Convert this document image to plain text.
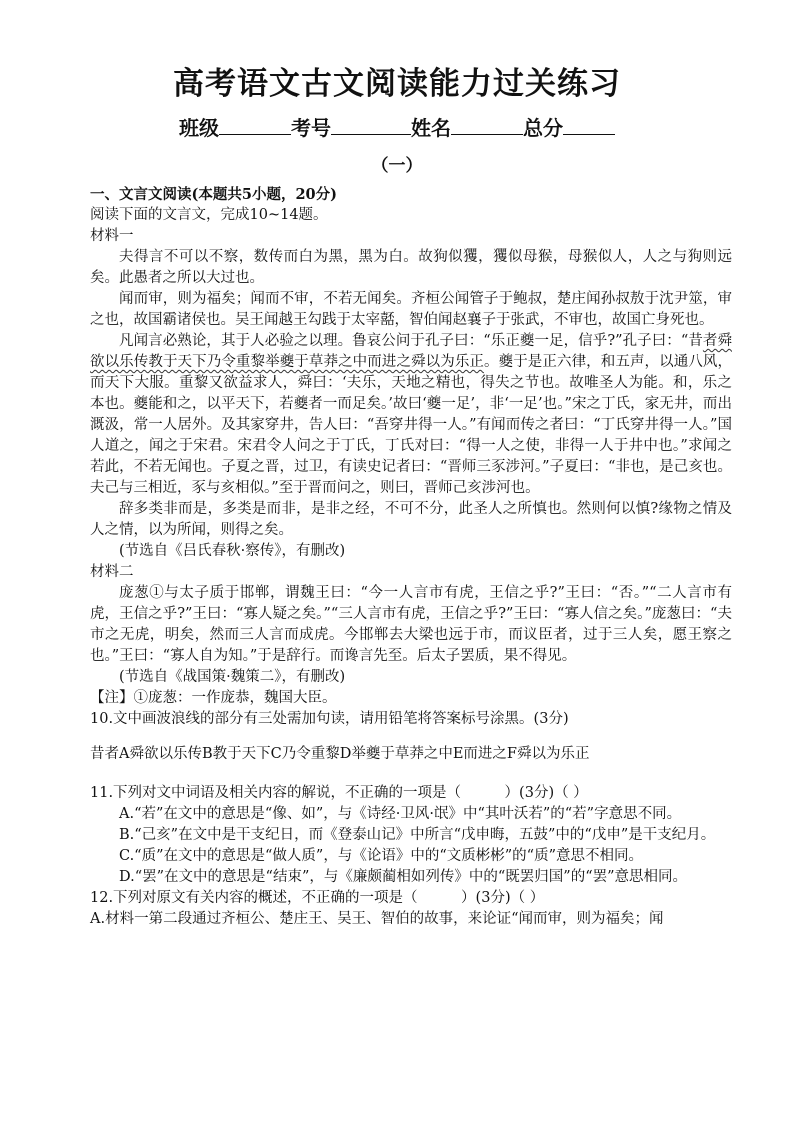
高考语文古文阅读能力过关练习
班级	考号	姓名	总分
（一）

一、文言文阅读(本题共5小题，20分)

阅读下面的文言文，完成10~14题。

材料一

夫得言不可以不察，数传而白为黑，黑为白。故狗似玃，玃似母猴，母猴似人，人之与狗则远矣。此愚者之所以大过也。

闻而审，则为福矣；闻而不审，不若无闻矣。齐桓公闻管子于鲍叔，楚庄闻孙叔敖于沈尹筮，审之也，故国霸诸侯也。吴王闻越王勾践于太宰嚭，智伯闻赵襄子于张武，不审也，故国亡身死也。

凡闻言必熟论，其于人必验之以理。鲁哀公问于孔子曰：“乐正夔一足，信乎?”孔子曰：“昔者舜欲以乐传教于天下乃令重黎举夔于草莽之中而进之舜以为乐正。夔于是正六律，和五声，以通八风，而天下大服。重黎又欲益求人，舜曰：‘夫乐，天地之精也，得失之节也。故唯圣人为能。和，乐之本也。夔能和之，以平天下，若夔者一而足矣。’故曰‘夔一足’，非‘一足’也。”宋之丁氏，家无井，而出溉汲，常一人居外。及其家穿井，告人曰：“吾穿井得一人。”有闻而传之者曰：“丁氏穿井得一人。”国人道之，闻之于宋君。宋君令人问之于丁氏，丁氏对曰：“得一人之使，非得一人于井中也。”求闻之若此，不若无闻也。子夏之晋，过卫，有读史记者曰：“晋师三豕涉河。”子夏曰：“非也，是己亥也。夫己与三相近，豕与亥相似。”至于晋而问之，则曰，晋师己亥涉河也。

辞多类非而是，多类是而非，是非之经，不可不分，此圣人之所慎也。然则何以慎?缘物之情及人之情，以为所闻，则得之矣。

(节选自《吕氏春秋·察传》，有删改)

材料二

庞葱①与太子质于邯郸，谓魏王曰：“今一人言市有虎，王信之乎?”王曰：“否。”“二人言市有虎，王信之乎?”王曰：“寡人疑之矣。”“三人言市有虎，王信之乎?”王曰：“寡人信之矣。”庞葱曰：“夫市之无虎，明矣，然而三人言而成虎。今邯郸去大梁也远于市，而议臣者，过于三人矣，愿王察之也。”王曰：“寡人自为知。”于是辞行。而谗言先至。后太子罢质，果不得见。

(节选自《战国策·魏策二》，有删改)

【注】①庞葱：一作庞恭，魏国大臣。

10.文中画波浪线的部分有三处需加句读，请用铅笔将答案标号涂黑。(3分)

昔者A舜欲以乐传B教于天下C乃令重黎D举夔于草莽之中E而进之F舜以为乐正

11.下列对文中词语及相关内容的解说，不正确的一项是（　　　）(3分)（ ）

A.“若”在文中的意思是“像、如”，与《诗经·卫风·氓》中“其叶沃若”的“若”字意思不同。

B.“己亥”在文中是干支纪日，而《登泰山记》中所言“戊申晦，五鼓”中的“戊申”是干支纪月。

C.“质”在文中的意思是“做人质”，与《论语》中的“文质彬彬”的“质”意思不相同。

D.“罢”在文中的意思是“结束”，与《廉颇蔺相如列传》中的“既罢归国”的“罢”意思相同。

12.下列对原文有关内容的概述，不正确的一项是（　　　）(3分)（ ）

A.材料一第二段通过齐桓公、楚庄王、吴王、智伯的故事，来论证“闻而审，则为福矣；闻
